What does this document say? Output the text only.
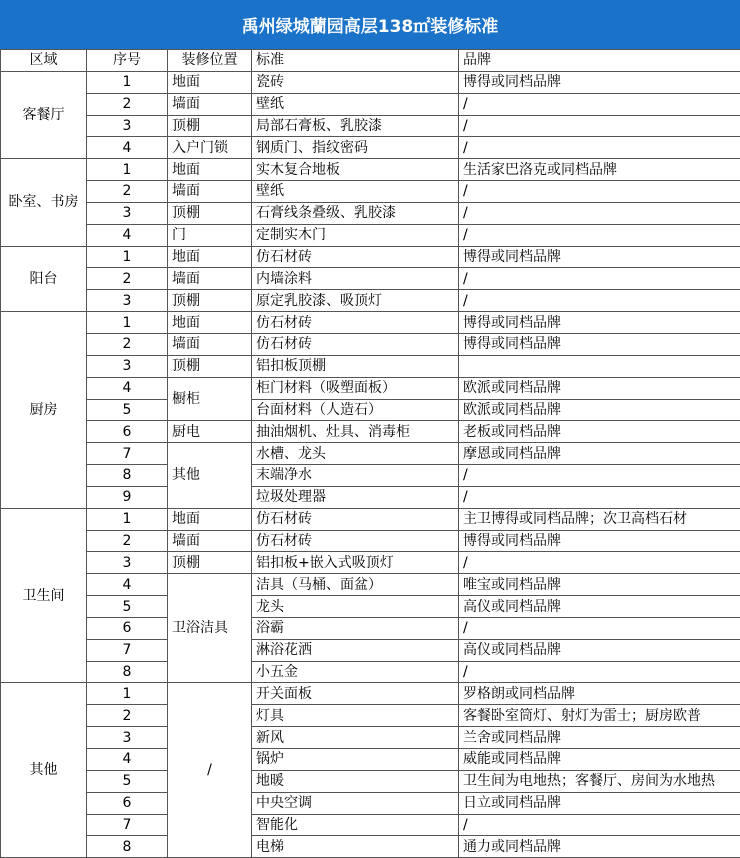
禹州绿城蘭园高层138㎡装修标准
区域	序号	装修位置	标准	品牌
客餐厅	1	地面	瓷砖	博得或同档品牌
	2	墙面	壁纸	/
	3	顶棚	局部石膏板、乳胶漆	/
	4	入户门锁	钢质门、指纹密码	/
卧室、书房	1	地面	实木复合地板	生活家巴洛克或同档品牌
	2	墙面	壁纸	/
	3	顶棚	石膏线条叠级、乳胶漆	/
	4	门	定制实木门	/
阳台	1	地面	仿石材砖	博得或同档品牌
	2	墙面	内墙涂料	/
	3	顶棚	原定乳胶漆、吸顶灯	/
厨房	1	地面	仿石材砖	博得或同档品牌
	2	墙面	仿石材砖	博得或同档品牌
	3	顶棚	铝扣板顶棚	
	4	橱柜	柜门材料（吸塑面板）	欧派或同档品牌
	5		台面材料（人造石）	欧派或同档品牌
	6	厨电	抽油烟机、灶具、消毒柜	老板或同档品牌
	7	其他	水槽、龙头	摩恩或同档品牌
	8		末端净水	/
	9		垃圾处理器	/
卫生间	1	地面	仿石材砖	主卫博得或同档品牌；次卫高档石材
	2	墙面	仿石材砖	博得或同档品牌
	3	顶棚	铝扣板+嵌入式吸顶灯	/
	4	卫浴洁具	洁具（马桶、面盆）	唯宝或同档品牌
	5		龙头	高仪或同档品牌
	6		浴霸	/
	7		淋浴花洒	高仪或同档品牌
	8		小五金	/
其他	1	/	开关面板	罗格朗或同档品牌
	2		灯具	客餐卧室筒灯、射灯为雷士；厨房欧普
	3		新风	兰舍或同档品牌
	4		锅炉	威能或同档品牌
	5		地暖	卫生间为电地热；客餐厅、房间为水地热
	6		中央空调	日立或同档品牌
	7		智能化	/
	8		电梯	通力或同档品牌
